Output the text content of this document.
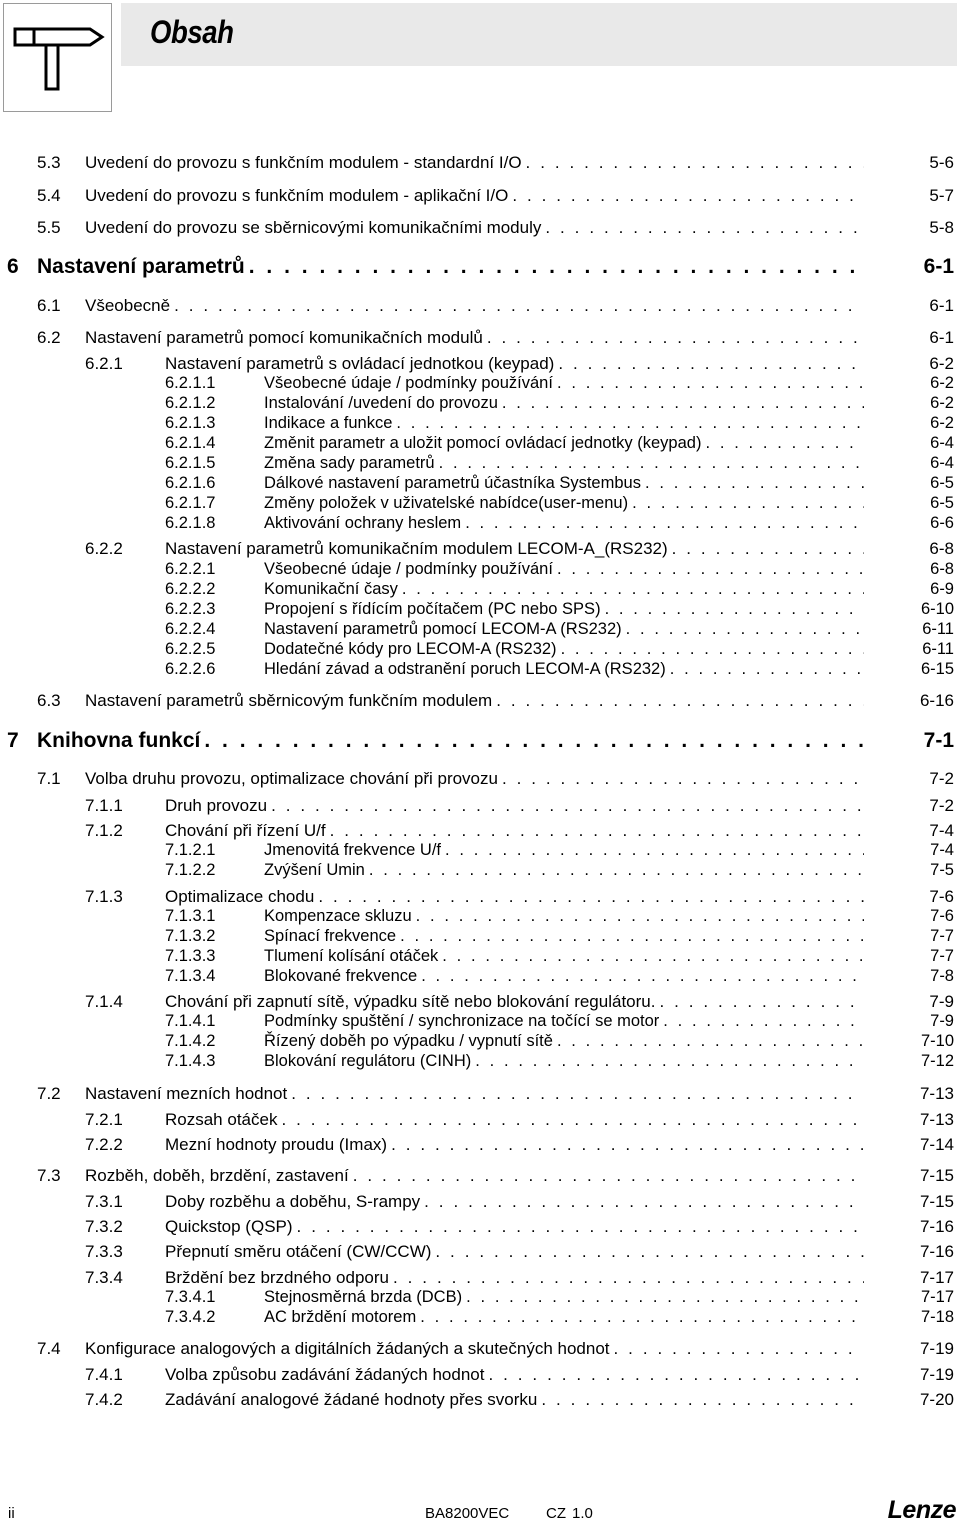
Obsah
5.3 Uvedení do provozu s funkčním modulem - standardní I/O . . .	5-6
5.4 Uvedení do provozu s funkčním modulem - aplikační I/O . . .	5-7
5.5 Uvedení do provozu se sběrnicovými komunikačními moduly . . .	5-8
6 Nastavení parametrů . . .	6-1
6.1 Všeobecně . . .	6-1
6.2 Nastavení parametrů pomocí komunikačních modulů . . .	6-1
6.2.1 Nastavení parametrů s ovládací jednotkou (keypad) . . .	6-2
6.2.1.1	Všeobecné údaje / podmínky používání . . .	6-2
6.2.1.2	Instalování /uvedení do provozu . . .	6-2
6.2.1.3	Indikace a funkce . . .	6-2
6.2.1.4	Změnit parametr a uložit pomocí ovládací jednotky (keypad) . . .	6-4
6.2.1.5	Změna sady parametrů . . .	6-4
6.2.1.6	Dálkové nastavení parametrů účastníka Systembus . . .	6-5
6.2.1.7	Změny položek v uživatelské nabídce(user-menu) . . .	6-5
6.2.1.8	Aktivování ochrany heslem . . .	6-6
6.2.2 Nastavení parametrů komunikačním modulem LECOM-A_(RS232) . . .	6-8
6.2.2.1	Všeobecné údaje / podmínky používání . . .	6-8
6.2.2.2	Komunikační časy . . .	6-9
6.2.2.3	Propojení s řídícím počítačem (PC nebo SPS) . . .	6-10
6.2.2.4	Nastavení parametrů pomocí LECOM-A (RS232) . . .	6-11
6.2.2.5	Dodatečné kódy pro LECOM-A (RS232) . . .	6-11
6.2.2.6	Hledání závad a odstranění poruch LECOM-A (RS232) . . .	6-15
6.3 Nastavení parametrů sběrnicovým funkčním modulem . . .	6-16
7 Knihovna funkcí . . .	7-1
7.1 Volba druhu provozu, optimalizace chování při provozu . . .	7-2
7.1.1 Druh provozu . . .	7-2
7.1.2 Chování při řízení U/f . . .	7-4
7.1.2.1	Jmenovitá frekvence U/f . . .	7-4
7.1.2.2	Zvýšení Umin . . .	7-5
7.1.3 Optimalizace chodu . . .	7-6
7.1.3.1	Kompenzace skluzu . . .	7-6
7.1.3.2	Spínací frekvence . . .	7-7
7.1.3.3	Tlumení kolísání otáček . . .	7-7
7.1.3.4	Blokované frekvence . . .	7-8
7.1.4 Chování při zapnutí sítě, výpadku sítě nebo blokování regulátoru. . . .	7-9
7.1.4.1	Podmínky spuštění / synchronizace na točící se motor . . .	7-9
7.1.4.2	Řízený doběh po výpadku / vypnutí sítě . . .	7-10
7.1.4.3	Blokování regulátoru (CINH) . . .	7-12
7.2 Nastavení mezních hodnot . . .	7-13
7.2.1 Rozsah otáček . . .	7-13
7.2.2 Mezní hodnoty proudu (Imax) . . .	7-14
7.3 Rozběh, doběh, brzdění, zastavení . . .	7-15
7.3.1 Doby rozběhu a doběhu, S-rampy . . .	7-15
7.3.2 Quickstop (QSP) . . .	7-16
7.3.3 Přepnutí směru otáčení (CW/CCW) . . .	7-16
7.3.4 Brždění bez brzdného odporu . . .	7-17
7.3.4.1	Stejnosměrná brzda (DCB) . . .	7-17
7.3.4.2	AC brždění motorem . . .	7-18
7.4 Konfigurace analogových a digitálních žádaných a skutečných hodnot . . .	7-19
7.4.1 Volba způsobu zadávání žádaných hodnot . . .	7-19
7.4.2 Zadávání analogové žádané hodnoty přes svorku . . .	7-20
ii	BA8200VEC CZ 1.0	Lenze
